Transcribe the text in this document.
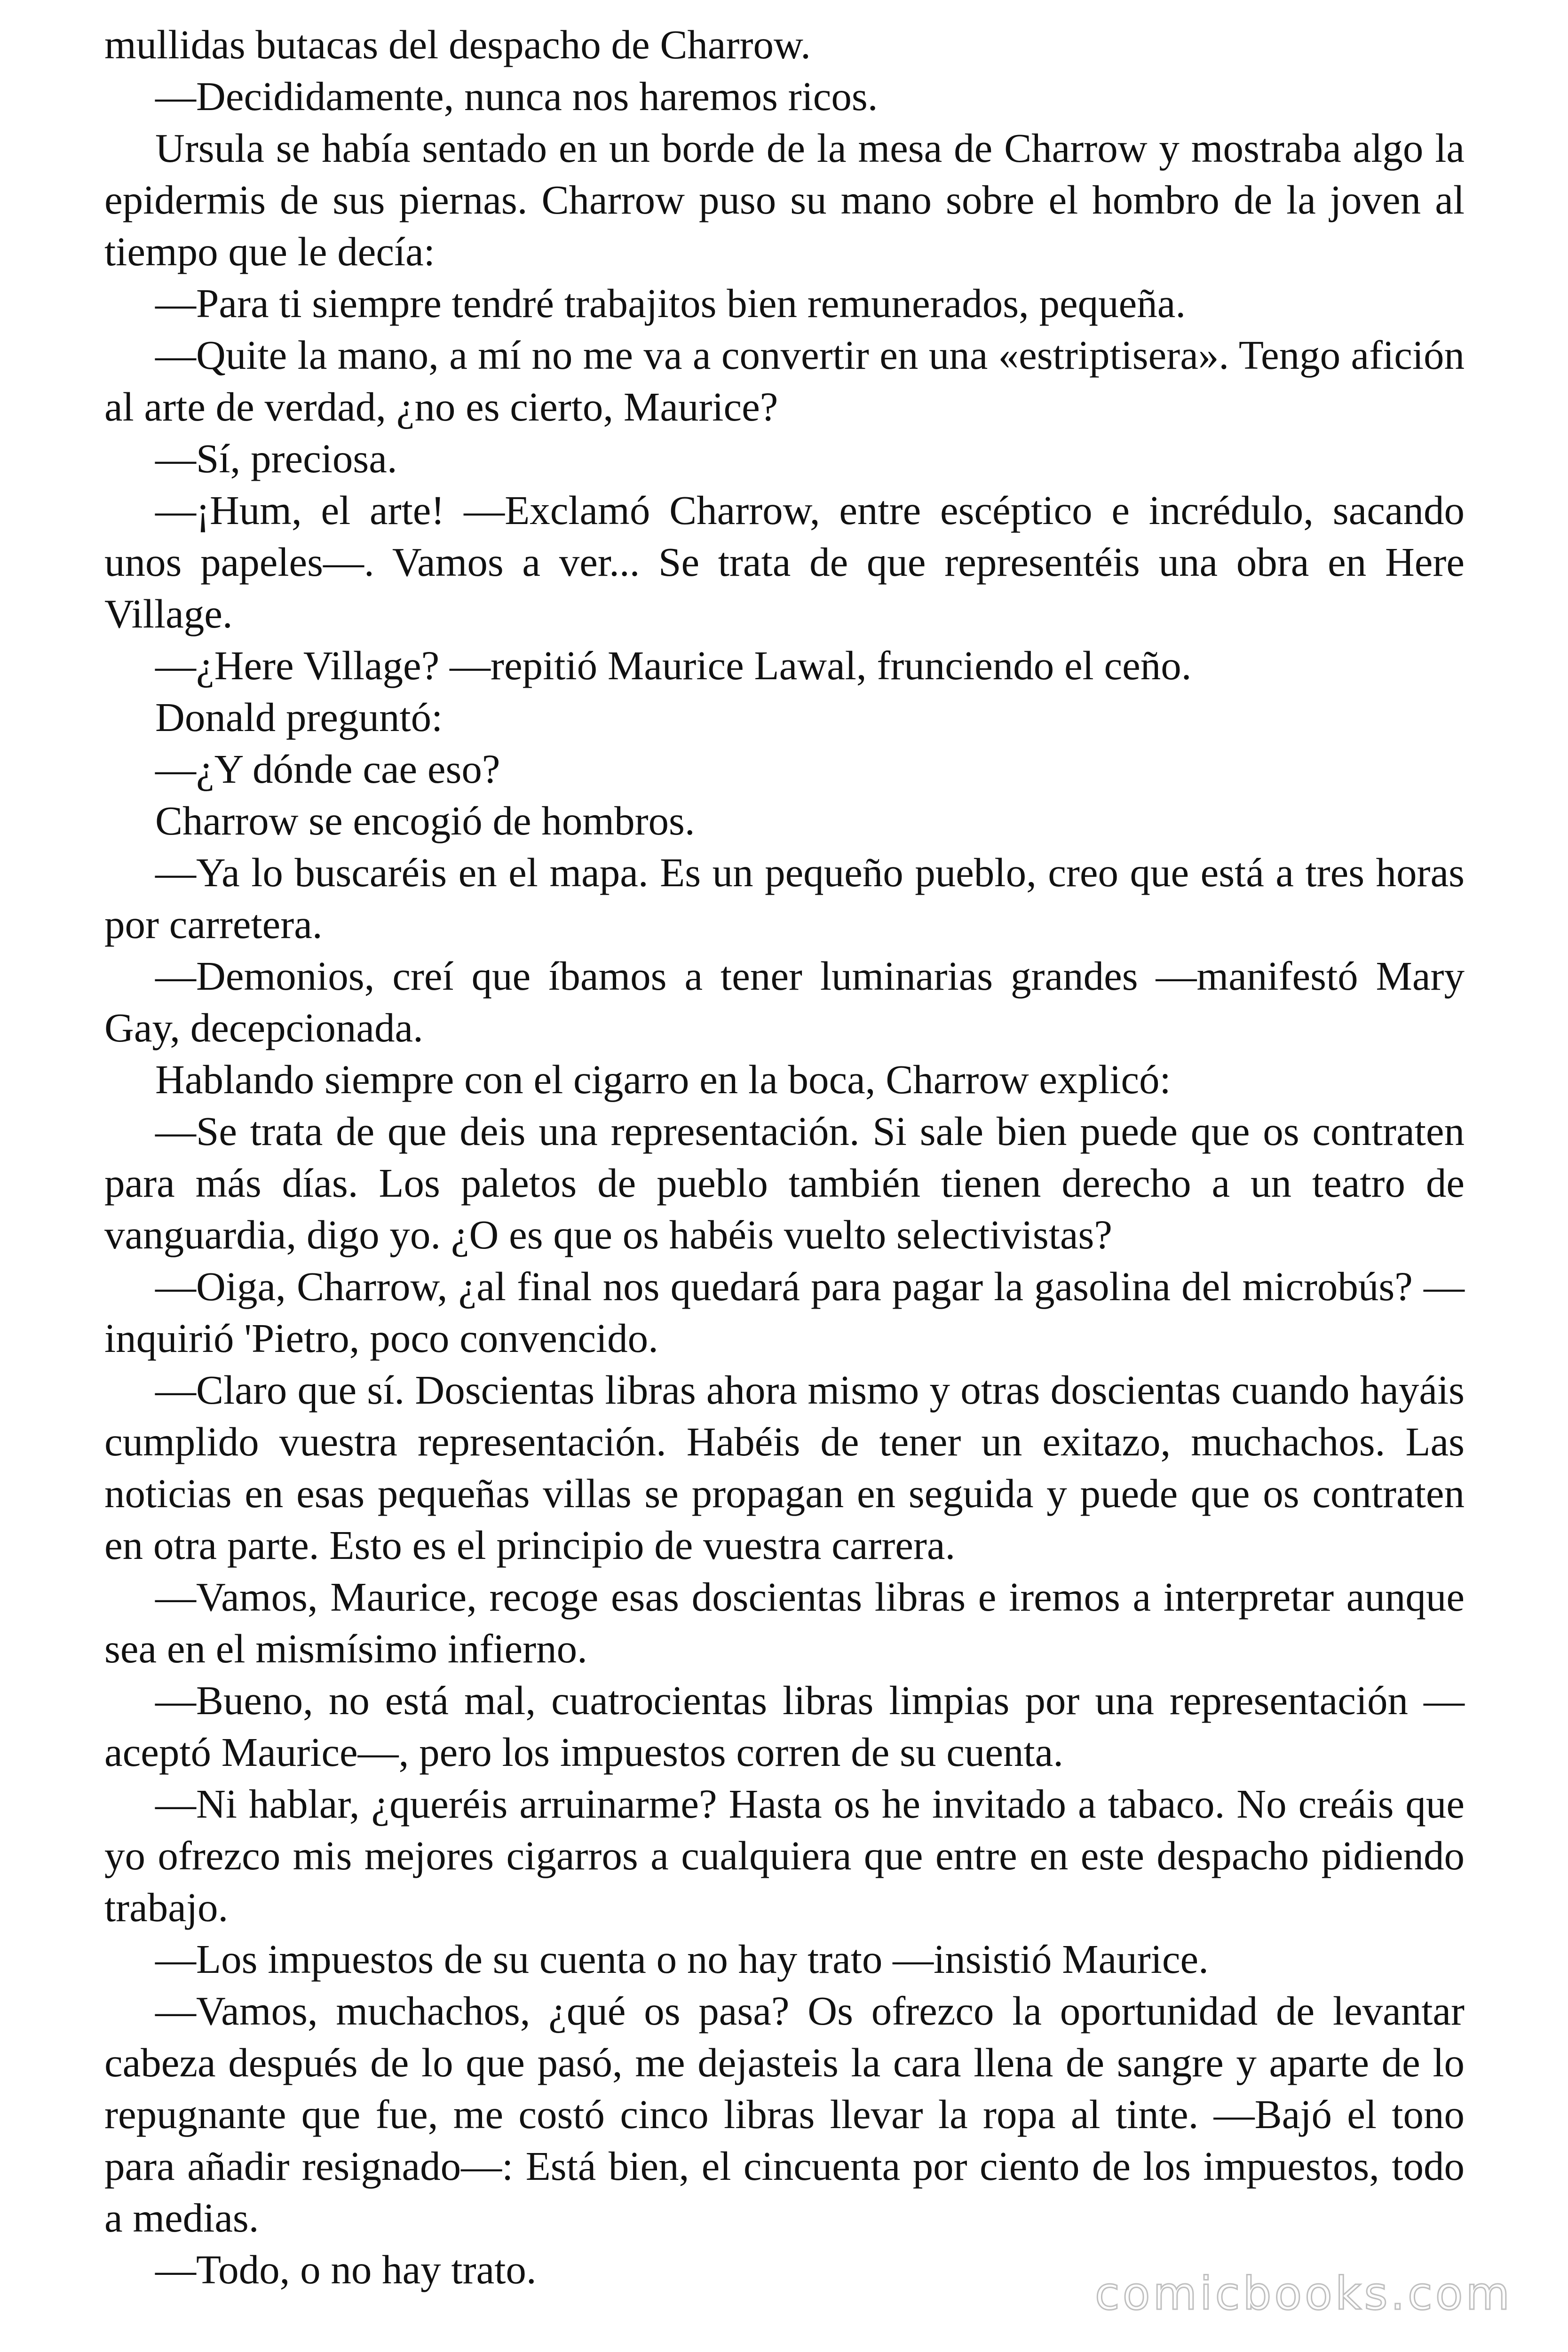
mullidas butacas del despacho de Charrow.

—Decididamente, nunca nos haremos ricos.

Ursula se había sentado en un borde de la mesa de Charrow y mostraba algo la epidermis de sus piernas. Charrow puso su mano sobre el hombro de la joven al tiempo que le decía:

—Para ti siempre tendré trabajitos bien remunerados, pequeña.

—Quite la mano, a mí no me va a convertir en una «estriptisera». Tengo afición al arte de verdad, ¿no es cierto, Maurice?

—Sí, preciosa.

—¡Hum, el arte! —Exclamó Charrow, entre escéptico e incrédulo, sacando unos papeles—. Vamos a ver... Se trata de que representéis una obra en Here Village.

—¿Here Village? —repitió Maurice Lawal, frunciendo el ceño.

Donald preguntó:

—¿Y dónde cae eso?

Charrow se encogió de hombros.

—Ya lo buscaréis en el mapa. Es un pequeño pueblo, creo que está a tres horas por carretera.

—Demonios, creí que íbamos a tener luminarias grandes —manifestó Mary Gay, decepcionada.

Hablando siempre con el cigarro en la boca, Charrow explicó:

—Se trata de que deis una representación. Si sale bien puede que os contraten para más días. Los paletos de pueblo también tienen derecho a un teatro de vanguardia, digo yo. ¿O es que os habéis vuelto selectivistas?

—Oiga, Charrow, ¿al final nos quedará para pagar la gasolina del microbús? —inquirió 'Pietro, poco convencido.

—Claro que sí. Doscientas libras ahora mismo y otras doscientas cuando hayáis cumplido vuestra representación. Habéis de tener un exitazo, muchachos. Las noticias en esas pequeñas villas se propagan en seguida y puede que os contraten en otra parte. Esto es el principio de vuestra carrera.

—Vamos, Maurice, recoge esas doscientas libras e iremos a interpretar aunque sea en el mismísimo infierno.

—Bueno, no está mal, cuatrocientas libras limpias por una representación —aceptó Maurice—, pero los impuestos corren de su cuenta.

—Ni hablar, ¿queréis arruinarme? Hasta os he invitado a tabaco. No creáis que yo ofrezco mis mejores cigarros a cualquiera que entre en este despacho pidiendo trabajo.

—Los impuestos de su cuenta o no hay trato —insistió Maurice.

—Vamos, muchachos, ¿qué os pasa? Os ofrezco la oportunidad de levantar cabeza después de lo que pasó, me dejasteis la cara llena de sangre y aparte de lo repugnante que fue, me costó cinco libras llevar la ropa al tinte. —Bajó el tono para añadir resignado—: Está bien, el cincuenta por ciento de los impuestos, todo a medias.

—Todo, o no hay trato.	comicbooks.com
